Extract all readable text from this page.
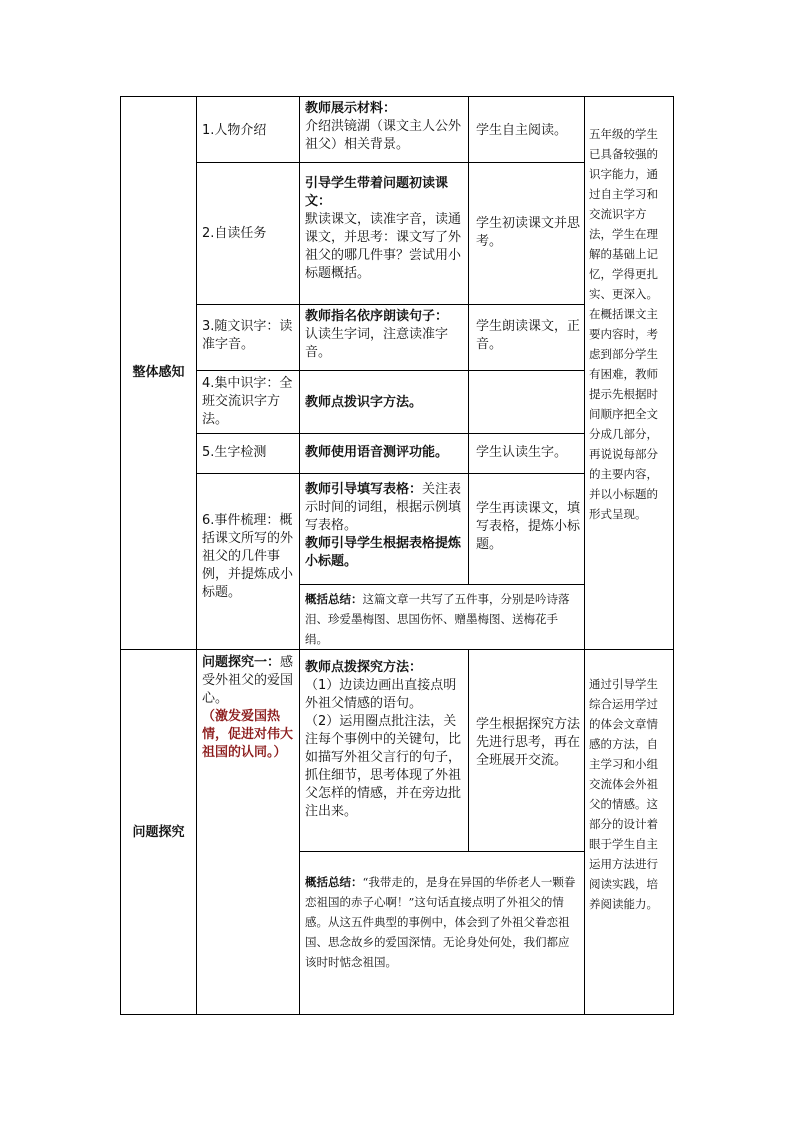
整体感知
1.人物介绍
教师展示材料：
介绍洪镜湖（课文主人公外祖父）相关背景。
学生自主阅读。
2.自读任务
引导学生带着问题初读课文：
默读课文，读准字音，读通课文，并思考：课文写了外祖父的哪几件事？尝试用小标题概括。
学生初读课文并思考。
3.随文识字：读准字音。
教师指名依序朗读句子：
认读生字词，注意读准字音。
学生朗读课文，正音。
4.集中识字：全班交流识字方法。
教师点拨识字方法。
5.生字检测	教师使用语音测评功能。	学生认读生字。
6.事件梳理：概括课文所写的外祖父的几件事例，并提炼成小标题。
教师引导填写表格：关注表示时间的词组，根据示例填写表格。
教师引导学生根据表格提炼小标题。
学生再读课文，填写表格，提炼小标题。
概括总结：这篇文章一共写了五件事，分别是吟诗落泪、珍爱墨梅图、思国伤怀、赠墨梅图、送梅花手绢。
五年级的学生已具备较强的识字能力，通过自主学习和交流识字方法，学生在理解的基础上记忆，学得更扎实、更深入。在概括课文主要内容时，考虑到部分学生有困难，教师提示先根据时间顺序把全文分成几部分，再说说每部分的主要内容，并以小标题的形式呈现。
问题探究
问题探究一：感受外祖父的爱国心。
（激发爱国热情，促进对伟大祖国的认同。）
教师点拨探究方法：
（1）边读边画出直接点明外祖父情感的语句。
（2）运用圈点批注法，关注每个事例中的关键句，比如描写外祖父言行的句子，抓住细节，思考体现了外祖父怎样的情感，并在旁边批注出来。
学生根据探究方法先进行思考，再在全班展开交流。
概括总结：“我带走的，是身在异国的华侨老人一颗眷恋祖国的赤子心啊！”这句话直接点明了外祖父的情感。从这五件典型的事例中，体会到了外祖父眷恋祖国、思念故乡的爱国深情。无论身处何处，我们都应该时时惦念祖国。
通过引导学生综合运用学过的体会文章情感的方法，自主学习和小组交流体会外祖父的情感。这部分的设计着眼于学生自主运用方法进行阅读实践，培养阅读能力。
